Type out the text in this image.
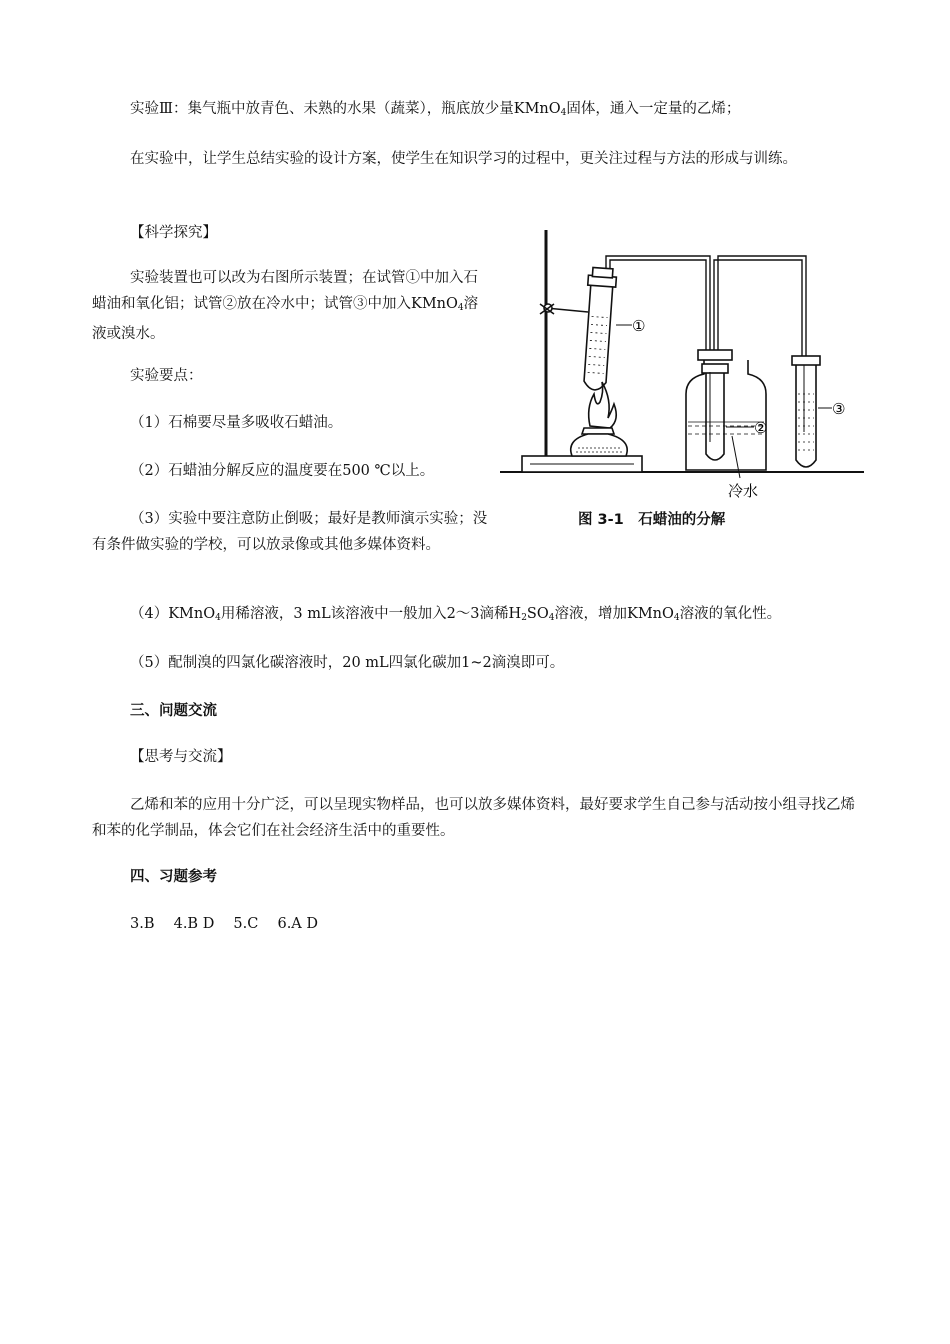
实验Ⅲ：集气瓶中放青色、未熟的水果（蔬菜），瓶底放少量KMnO$_4$固体，通入一定量的乙烯；

在实验中，让学生总结实验的设计方案，使学生在知识学习的过程中，更关注过程与方法的形成与训练。

【科学探究】

实验装置也可以改为右图所示装置；在试管①中加入石蜡油和氧化铝；试管②放在冷水中；试管③中加入KMnO$_4$溶液或溴水。

实验要点：

（1）石棉要尽量多吸收石蜡油。

（2）石蜡油分解反应的温度要在500 ℃以上。

（3）实验中要注意防止倒吸；最好是教师演示实验；没有条件做实验的学校，可以放录像或其他多媒体资料。

（4）KMnO$_4$用稀溶液，3 mL该溶液中一般加入2～3滴稀$H_2SO_4$溶液，增加KMnO$_4$溶液的氧化性。

（5）配制溴的四氯化碳溶液时，20 mL四氯化碳加1~2滴溴即可。

三、问题交流

【思考与交流】

乙烯和苯的应用十分广泛，可以呈现实物样品，也可以放多媒体资料，最好要求学生自己参与活动按小组寻找乙烯和苯的化学制品，体会它们在社会经济生活中的重要性。

四、习题参考

3.B　 4.B D　 5.C　 6.A D

①
②
③
冷水
图 3-1　石蜡油的分解
